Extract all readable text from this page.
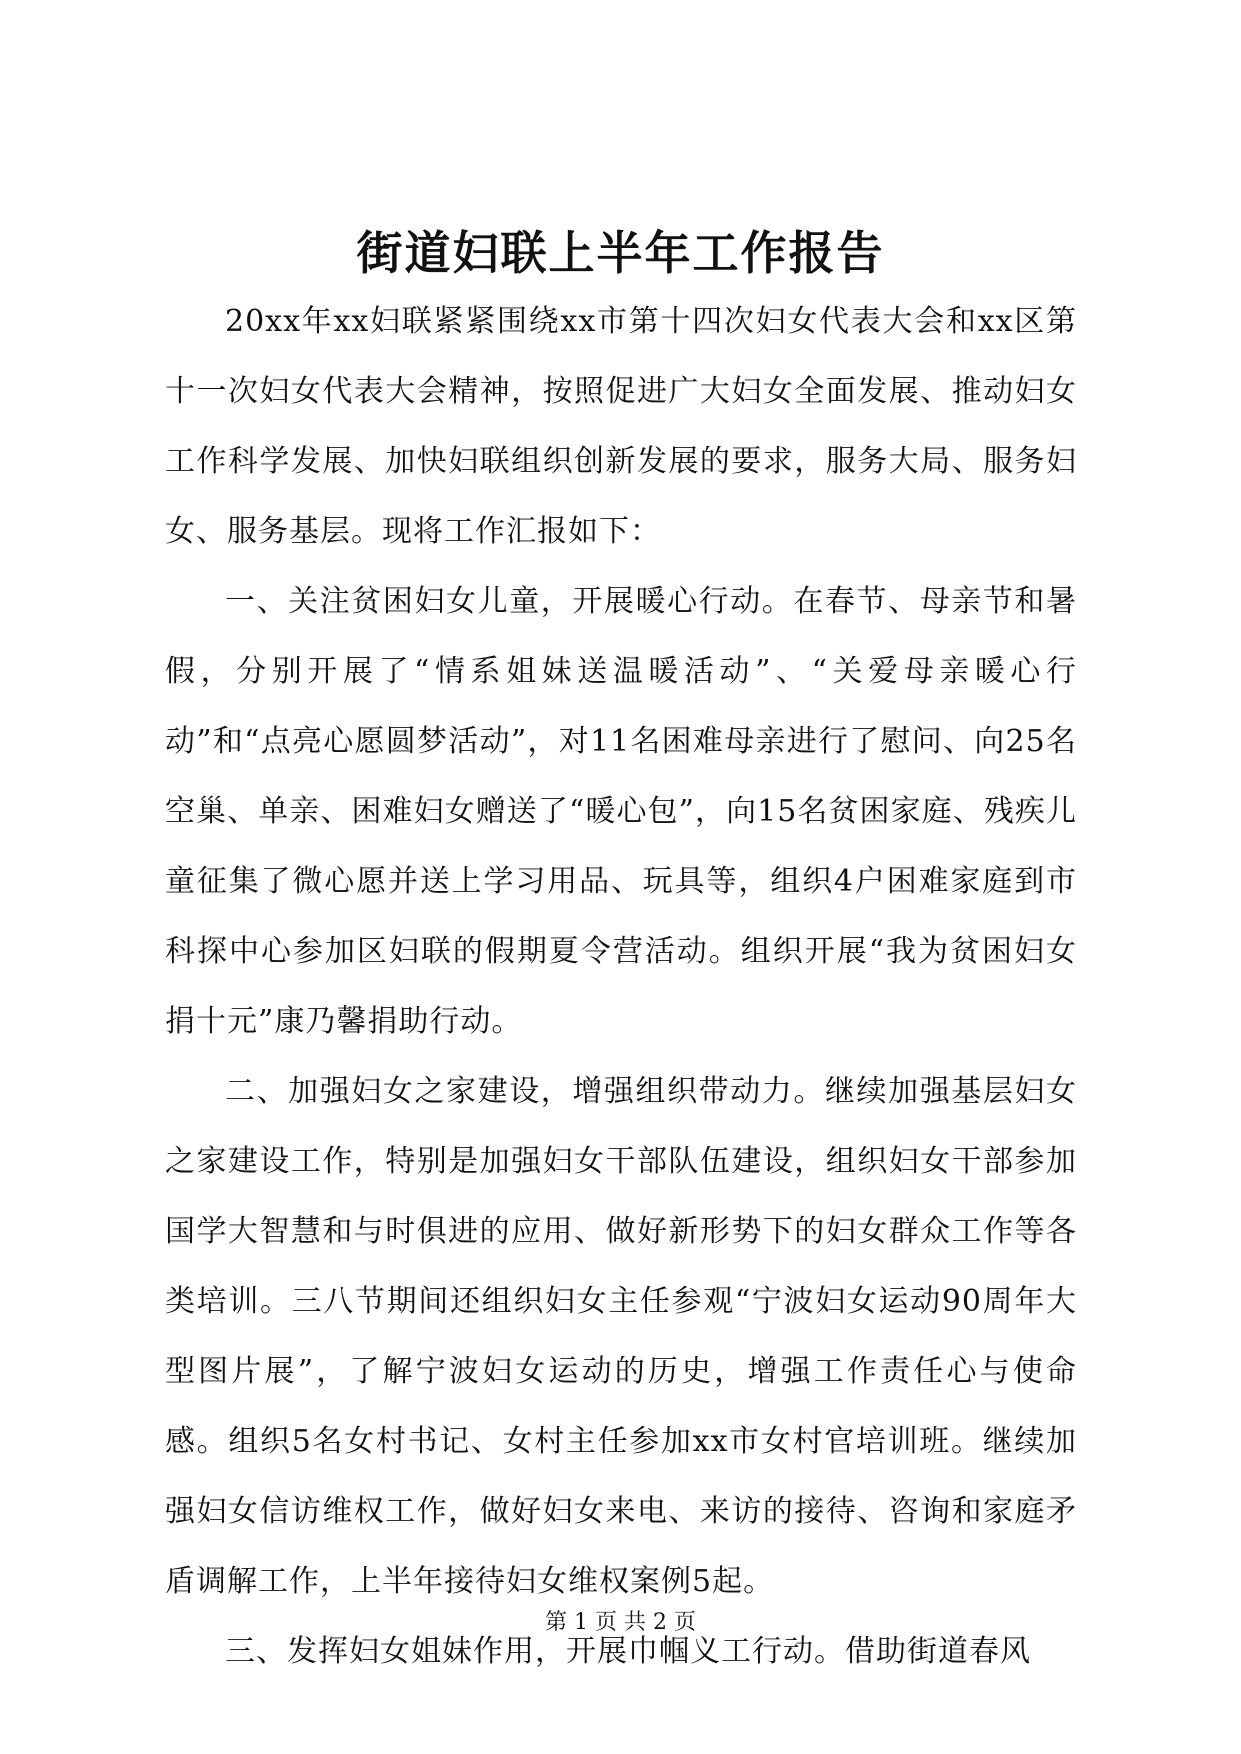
街道妇联上半年工作报告

20xx年xx妇联紧紧围绕xx市第十四次妇女代表大会和xx区第十一次妇女代表大会精神，按照促进广大妇女全面发展、推动妇女工作科学发展、加快妇联组织创新发展的要求，服务大局、服务妇女、服务基层。现将工作汇报如下：

一、关注贫困妇女儿童，开展暖心行动。在春节、母亲节和暑假，分别开展了“情系姐妹送温暖活动”、“关爱母亲暖心行动”和“点亮心愿圆梦活动”，对11名困难母亲进行了慰问、向25名空巢、单亲、困难妇女赠送了“暖心包”，向15名贫困家庭、残疾儿童征集了微心愿并送上学习用品、玩具等，组织4户困难家庭到市科探中心参加区妇联的假期夏令营活动。组织开展“我为贫困妇女捐十元”康乃馨捐助行动。

二、加强妇女之家建设，增强组织带动力。继续加强基层妇女之家建设工作，特别是加强妇女干部队伍建设，组织妇女干部参加国学大智慧和与时俱进的应用、做好新形势下的妇女群众工作等各类培训。三八节期间还组织妇女主任参观“宁波妇女运动90周年大型图片展”，了解宁波妇女运动的历史，增强工作责任心与使命感。组织5名女村书记、女村主任参加xx市女村官培训班。继续加强妇女信访维权工作，做好妇女来电、来访的接待、咨询和家庭矛盾调解工作，上半年接待妇女维权案例5起。

三、发挥妇女姐妹作用，开展巾帼义工行动。借助街道春风

第 1 页 共 2 页
